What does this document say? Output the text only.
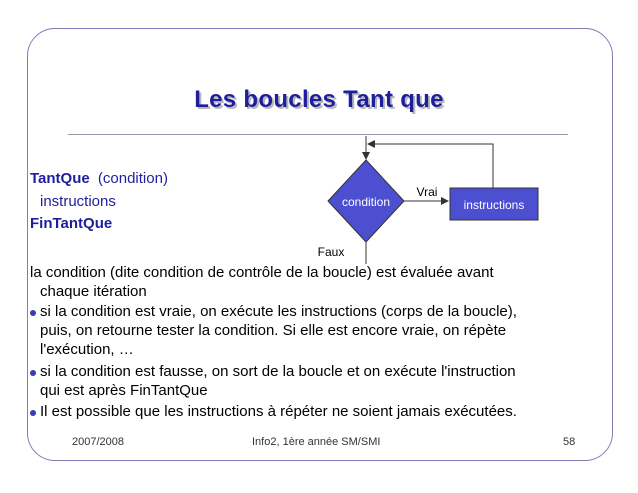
Les boucles Tant que
TantQue (condition)
instructions
FinTantQue
condition
Vrai
instructions
Faux
la condition (dite condition de contrôle de la boucle) est évaluée avant
chaque itération
si la condition est vraie, on exécute les instructions (corps de la boucle),
puis, on retourne tester la condition. Si elle est encore vraie, on répète
l'exécution, …
si la condition est fausse, on sort de la boucle et on exécute l'instruction
qui est après FinTantQue
Il est possible que les instructions à répéter ne soient jamais exécutées.
2007/2008	Info2, 1ère année SM/SMI	58
